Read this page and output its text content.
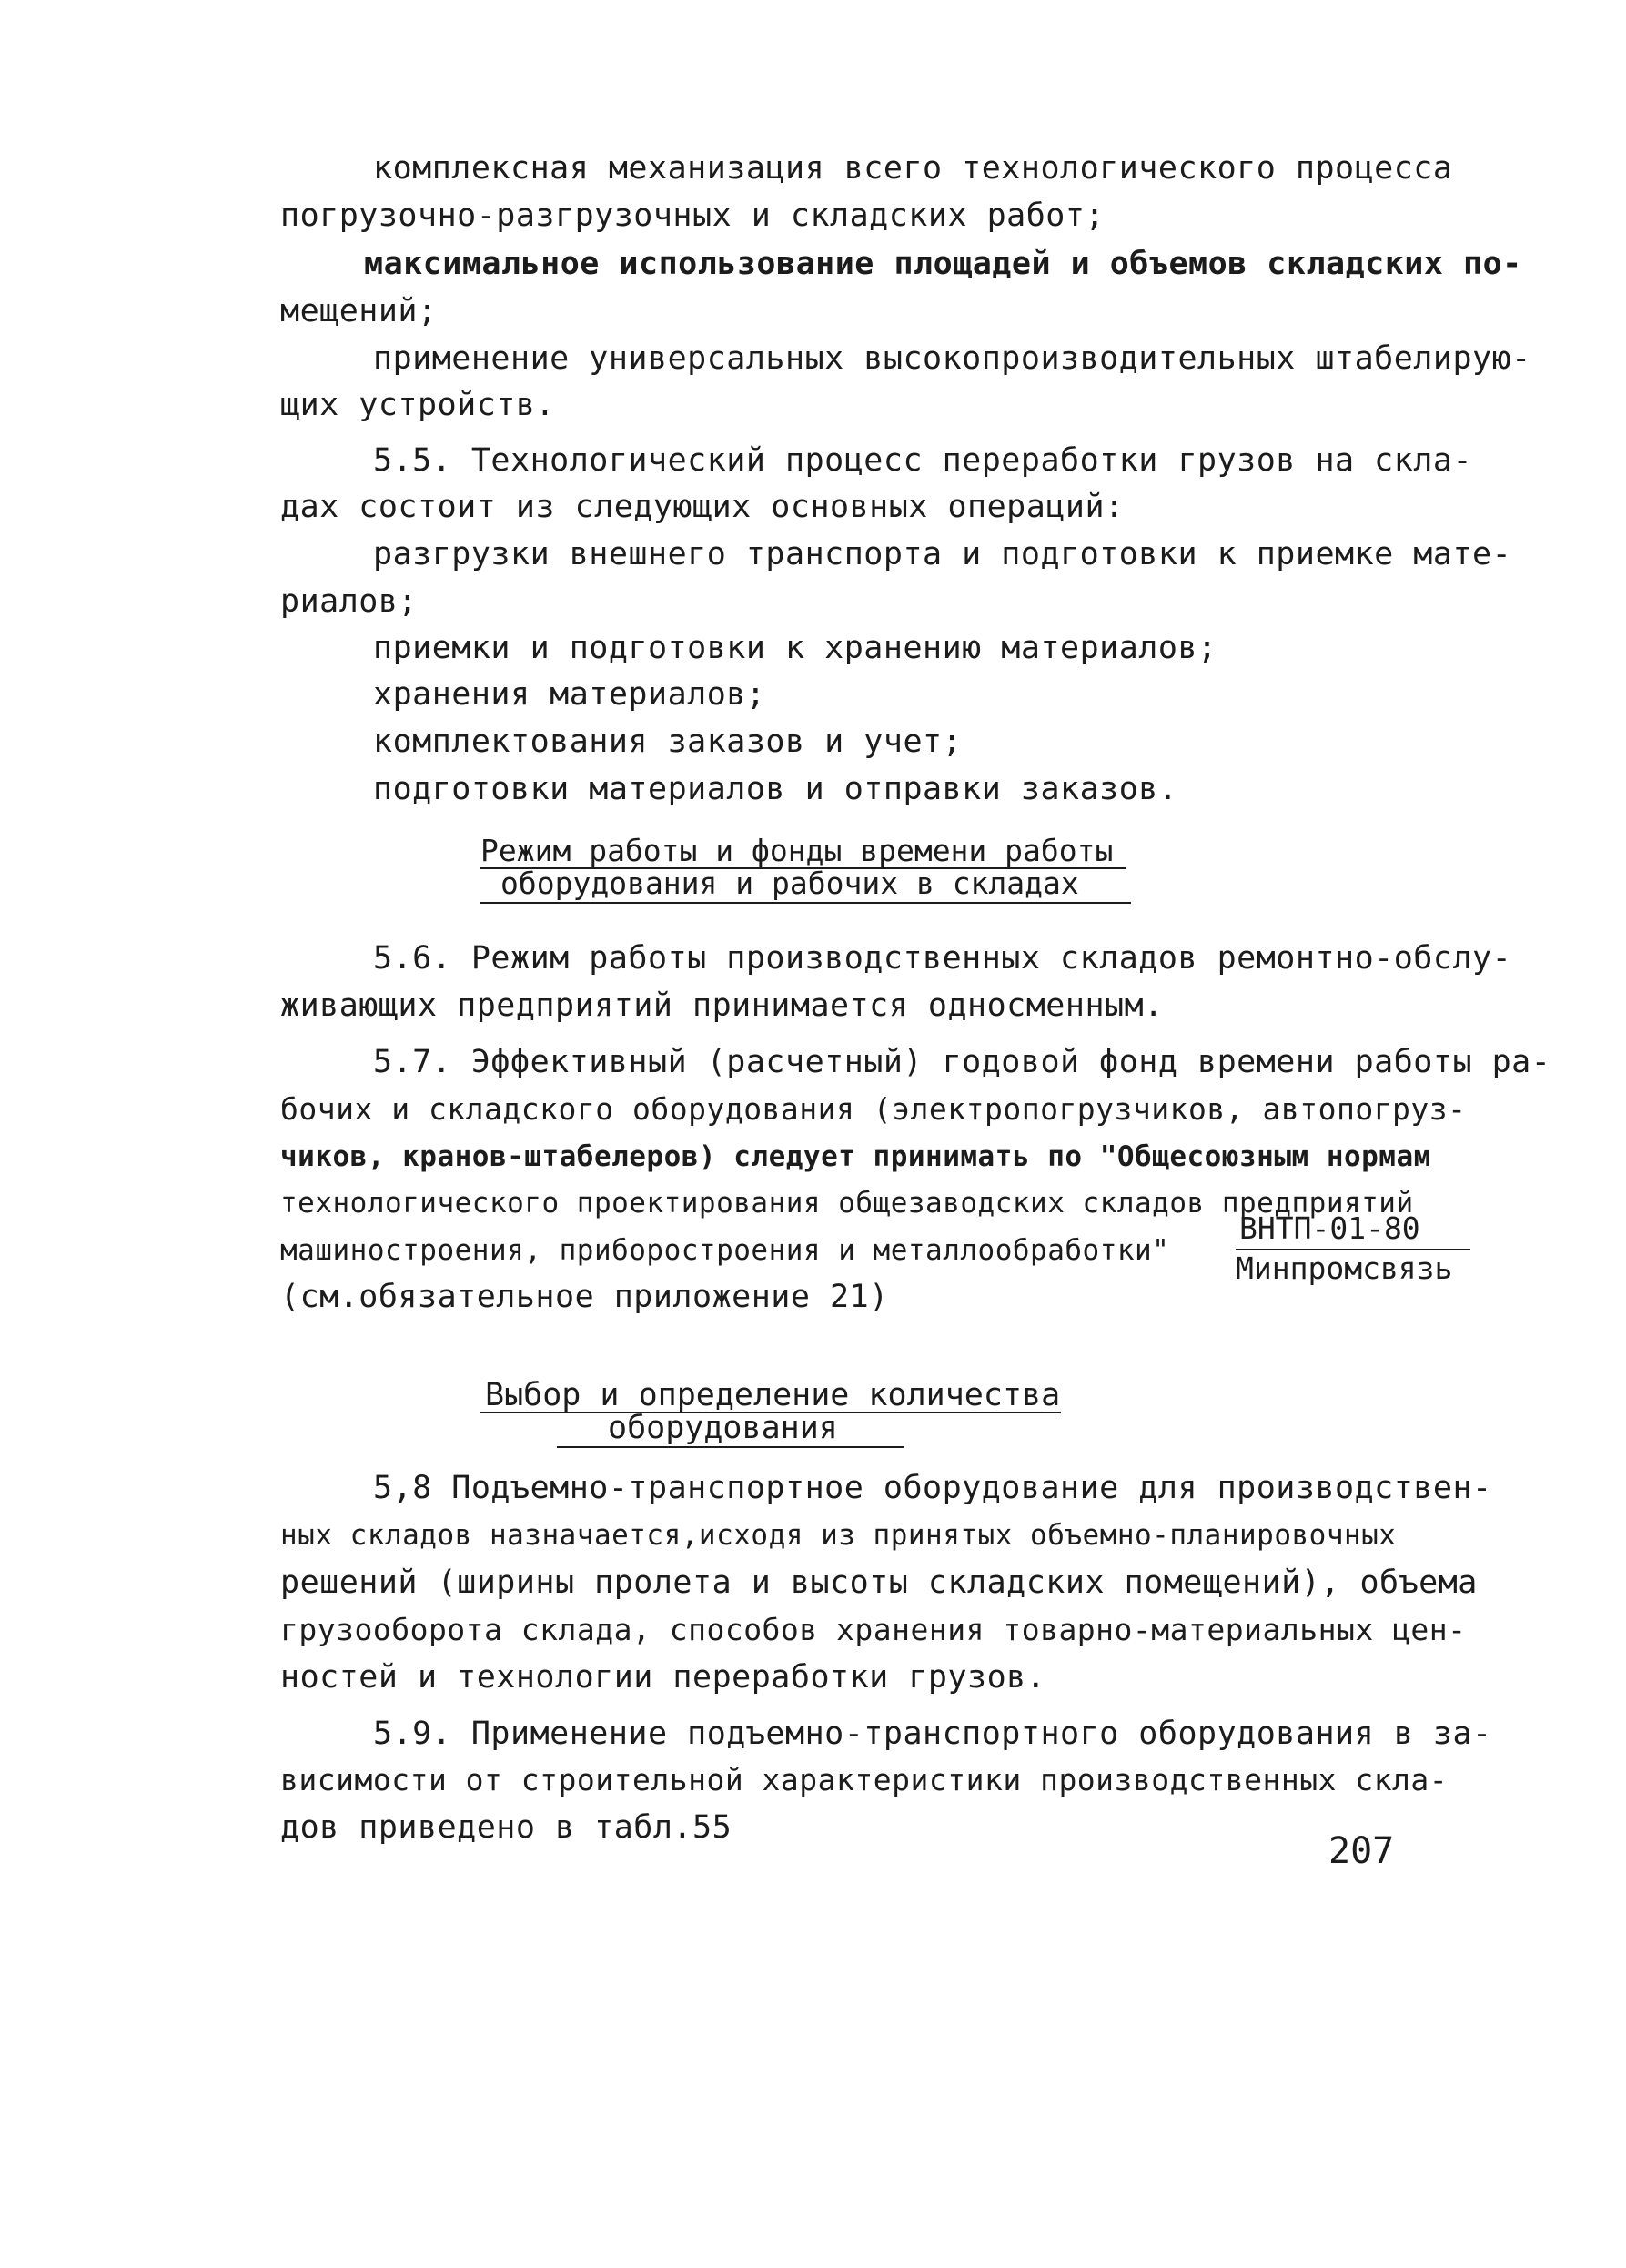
комплексная механизация всего технологического процесса
погрузочно-разгрузочных и складских работ;
максимальное использование площадей и объемов складских по-
мещений;
применение универсальных высокопроизводительных штабелирую-
щих устройств.
5.5. Технологический процесс переработки грузов на скла-
дах состоит из следующих основных операций:
разгрузки внешнего транспорта и подготовки к приемке мате-
риалов;
приемки и подготовки к хранению материалов;
хранения материалов;
комплектования заказов и учет;
подготовки материалов и отправки заказов.
Режим работы и фонды времени работы
оборудования и рабочих в складах
5.6. Режим работы производственных складов ремонтно-обслу-
живающих предприятий принимается односменным.
5.7. Эффективный (расчетный) годовой фонд времени работы ра-
бочих и складского оборудования (электропогрузчиков, автопогруз-
чиков, кранов-штабелеров) следует принимать по "Общесоюзным нормам
технологического проектирования общезаводских складов предприятий
машиностроения, приборостроения и металлообработки"
ВНТП-01-80
Минпромсвязь
(см.обязательное приложение 21)
Выбор и определение количества
оборудования
5,8 Подъемно-транспортное оборудование для производствен-
ных складов назначается,исходя из принятых объемно-планировочных
решений (ширины пролета и высоты складских помещений), объема
грузооборота склада, способов хранения товарно-материальных цен-
ностей и технологии переработки грузов.
5.9. Применение подъемно-транспортного оборудования в за-
висимости от строительной характеристики производственных скла-
дов приведено в табл.55
207
